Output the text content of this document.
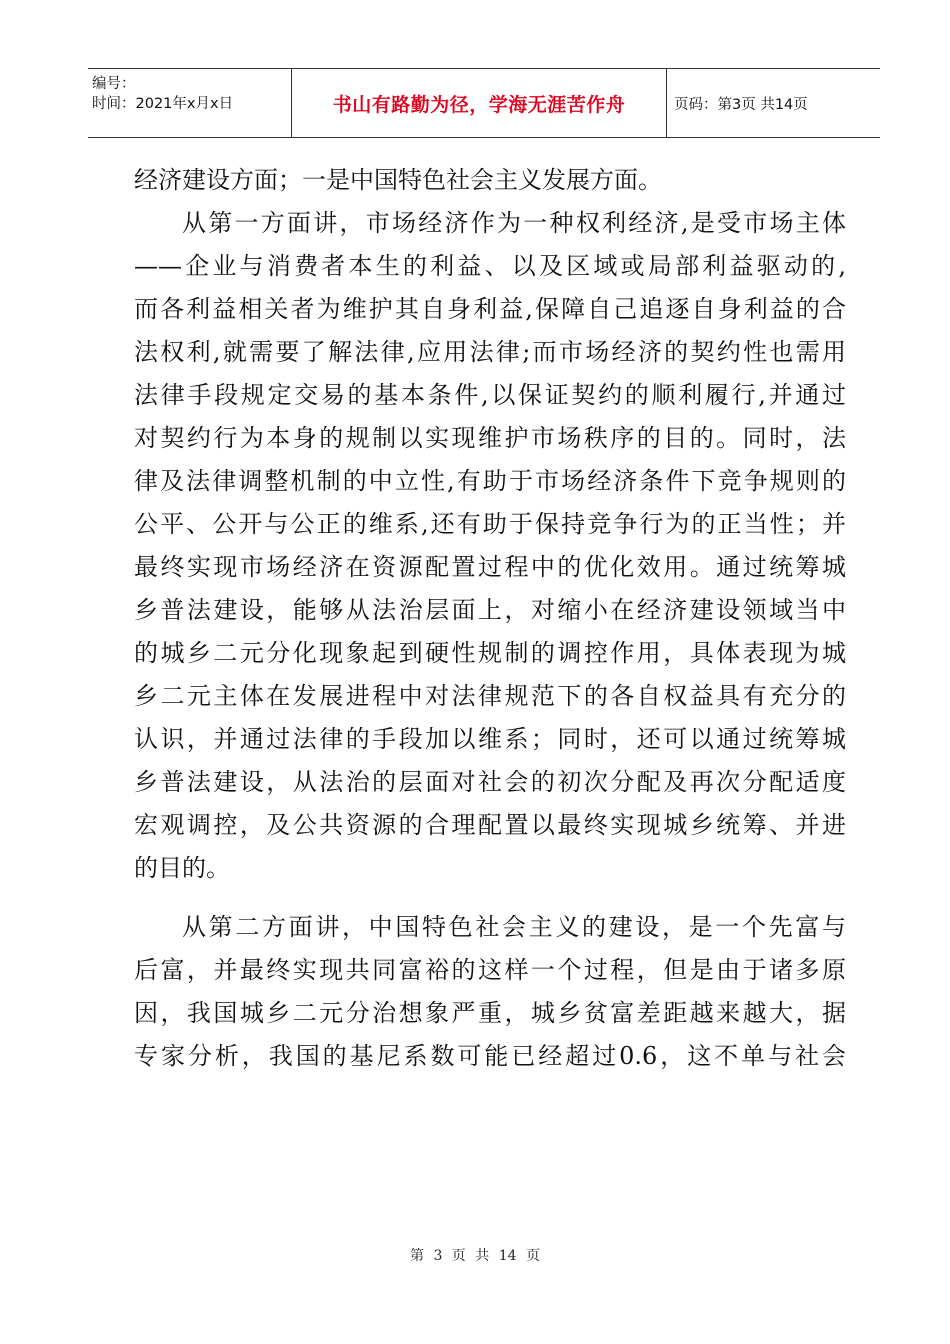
编号：
时间：2021年x月x日	书山有路勤为径，学海无涯苦作舟	页码：第3页 共14页
经济建设方面；一是中国特色社会主义发展方面。
从第一方面讲，市场经济作为一种权利经济,是受市场主体
——企业与消费者本生的利益、以及区域或局部利益驱动的,
而各利益相关者为维护其自身利益,保障自己追逐自身利益的合
法权利,就需要了解法律,应用法律;而市场经济的契约性也需用
法律手段规定交易的基本条件,以保证契约的顺利履行,并通过
对契约行为本身的规制以实现维护市场秩序的目的。同时，法
律及法律调整机制的中立性,有助于市场经济条件下竞争规则的
公平、公开与公正的维系,还有助于保持竞争行为的正当性；并
最终实现市场经济在资源配置过程中的优化效用。通过统筹城
乡普法建设，能够从法治层面上，对缩小在经济建设领域当中
的城乡二元分化现象起到硬性规制的调控作用，具体表现为城
乡二元主体在发展进程中对法律规范下的各自权益具有充分的
认识，并通过法律的手段加以维系；同时，还可以通过统筹城
乡普法建设，从法治的层面对社会的初次分配及再次分配适度
宏观调控，及公共资源的合理配置以最终实现城乡统筹、并进
的目的。
从第二方面讲，中国特色社会主义的建设，是一个先富与
后富，并最终实现共同富裕的这样一个过程，但是由于诸多原
因，我国城乡二元分治想象严重，城乡贫富差距越来越大，据
专家分析，我国的基尼系数可能已经超过0.6，这不单与社会
第 3 页 共 14 页
